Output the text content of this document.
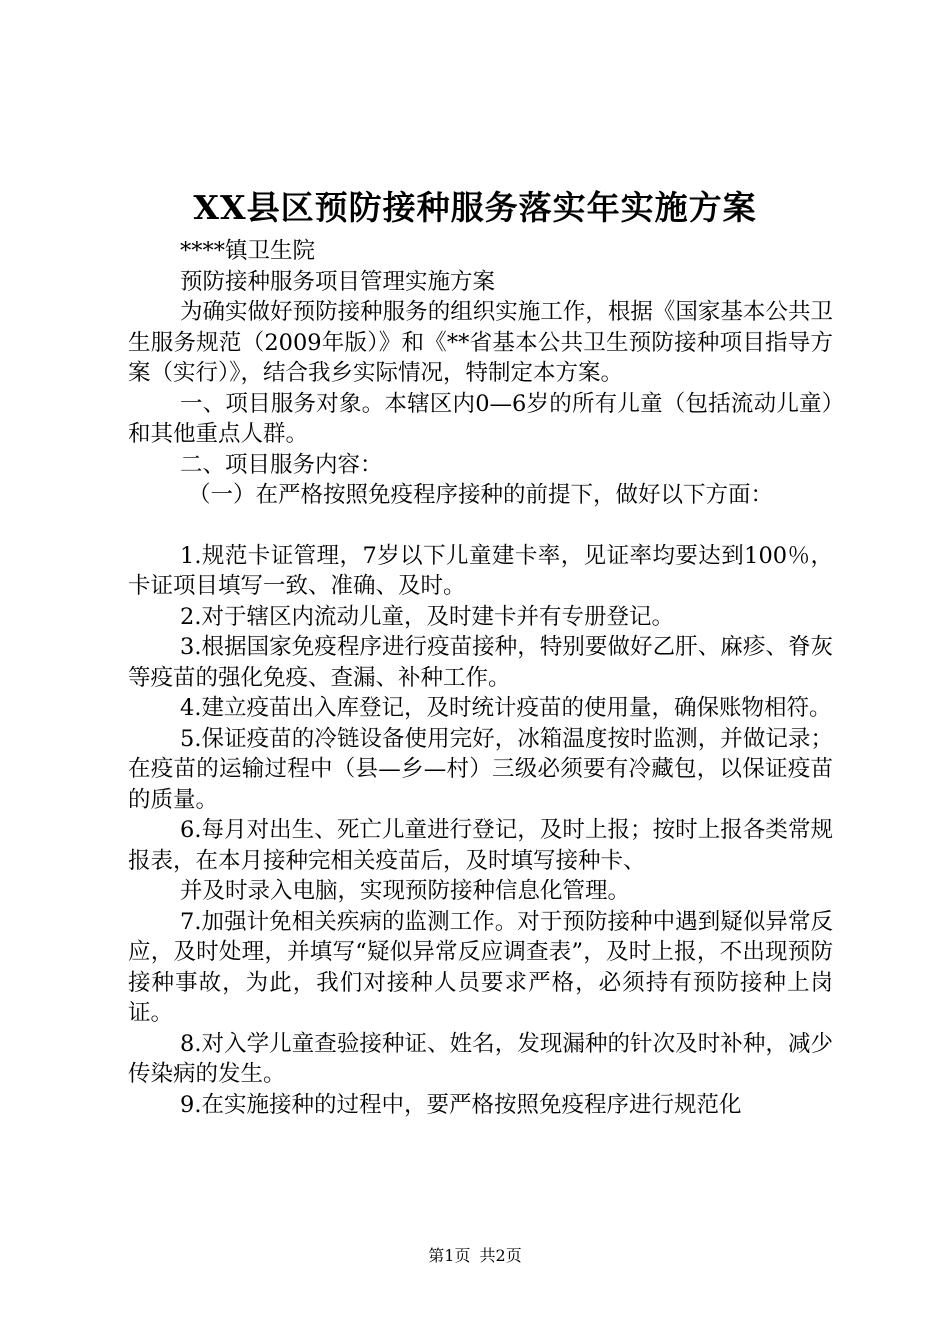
XX县区预防接种服务落实年实施方案

****镇卫生院

预防接种服务项目管理实施方案

为确实做好预防接种服务的组织实施工作，根据《国家基本公共卫生服务规范（2009年版）》和《**省基本公共卫生预防接种项目指导方案（实行）》，结合我乡实际情况，特制定本方案。

一、项目服务对象。本辖区内0—6岁的所有儿童（包括流动儿童）和其他重点人群。

二、项目服务内容：

（一）在严格按照免疫程序接种的前提下，做好以下方面：

1.规范卡证管理，7岁以下儿童建卡率，见证率均要达到100％，卡证项目填写一致、准确、及时。

2.对于辖区内流动儿童，及时建卡并有专册登记。

3.根据国家免疫程序进行疫苗接种，特别要做好乙肝、麻疹、脊灰等疫苗的强化免疫、查漏、补种工作。

4.建立疫苗出入库登记，及时统计疫苗的使用量，确保账物相符。

5.保证疫苗的冷链设备使用完好，冰箱温度按时监测，并做记录；在疫苗的运输过程中（县—乡—村）三级必须要有冷藏包，以保证疫苗的质量。

6.每月对出生、死亡儿童进行登记，及时上报；按时上报各类常规报表，在本月接种完相关疫苗后，及时填写接种卡、

并及时录入电脑，实现预防接种信息化管理。

7.加强计免相关疾病的监测工作。对于预防接种中遇到疑似异常反应，及时处理，并填写“疑似异常反应调查表”，及时上报，不出现预防接种事故，为此，我们对接种人员要求严格，必须持有预防接种上岗证。

8.对入学儿童查验接种证、姓名，发现漏种的针次及时补种，减少传染病的发生。

9.在实施接种的过程中，要严格按照免疫程序进行规范化

第1页 共2页
